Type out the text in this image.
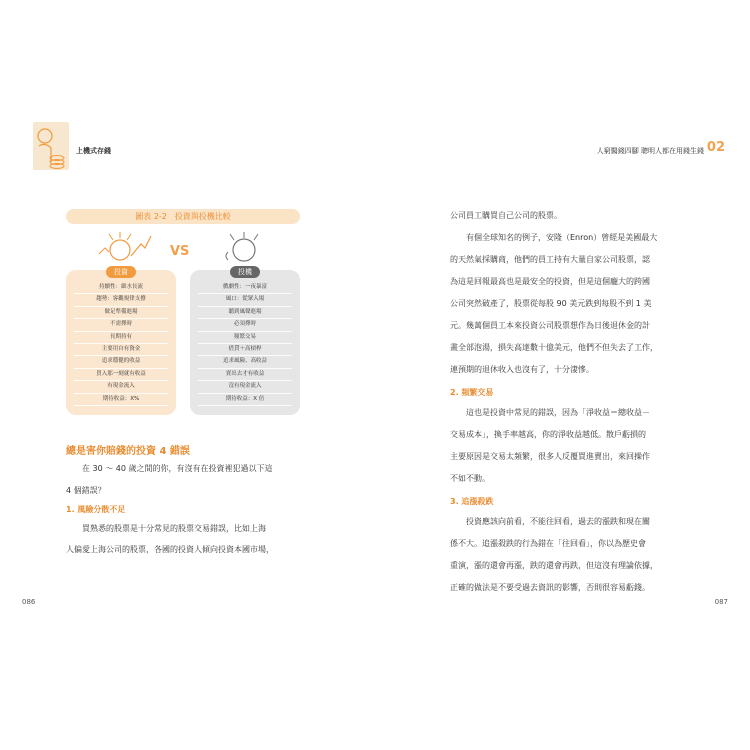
上機式存錢	人窮醫錢四腳 聰明人都在用錢生錢 02
圖表 2-2　投資與投機比較
VS
投資
持續性：細水長流
趨勢：客觀規律支撐
做足準備進場
不需擇時
長期持有
主要用自有資金
追求穩健的收益
買入那一刻就有收益
有現金流入
期待收益：X%
投機
戲劇性：一夜暴富
風口：從眾入場
聽到風聲進場
必須擇時
頻繁交易
借貸＋高槓桿
追求風險、高收益
賣出去才有收益
沒有現金流入
期待收益：X 倍
總是害你賠錢的投資 4 錯誤
　　在 30 ～ 40 歲之間的你，有沒有在投資裡犯過以下這
4 個錯誤？
1. 風險分散不足
　　買熟悉的股票是十分常見的股票交易錯誤，比如上海
人偏愛上海公司的股票，各國的投資人傾向投資本國市場，
086
公司員工購買自己公司的股票。
　　有個全球知名的例子，安隆（Enron）曾經是美國最大
的天然氣採購商，他們的員工持有大量自家公司股票，認
為這是回報最高也是最安全的投資，但是這個龐大的跨國
公司突然破產了，股票從每股 90 美元跌到每股不到 1 美
元。幾萬個員工本來投資公司股票想作為日後退休金的計
畫全部泡湯，損失高達數十億美元，他們不但失去了工作，
連預期的退休收入也沒有了，十分淒慘。
2. 頻繁交易
　　這也是投資中常見的錯誤，因為「淨收益＝總收益－
交易成本」，換手率越高，你的淨收益越低。散戶虧損的
主要原因是交易太頻繁，很多人反覆買進賣出，來回操作
不如不動。
3. 追漲殺跌
　　投資應該向前看，不能往回看，過去的漲跌和現在關
係不大。追漲殺跌的行為錯在「往回看」，你以為歷史會
重演，漲的還會再漲，跌的還會再跌，但這沒有理論依據，
正確的做法是不要受過去資訊的影響，否則很容易虧錢。
087
